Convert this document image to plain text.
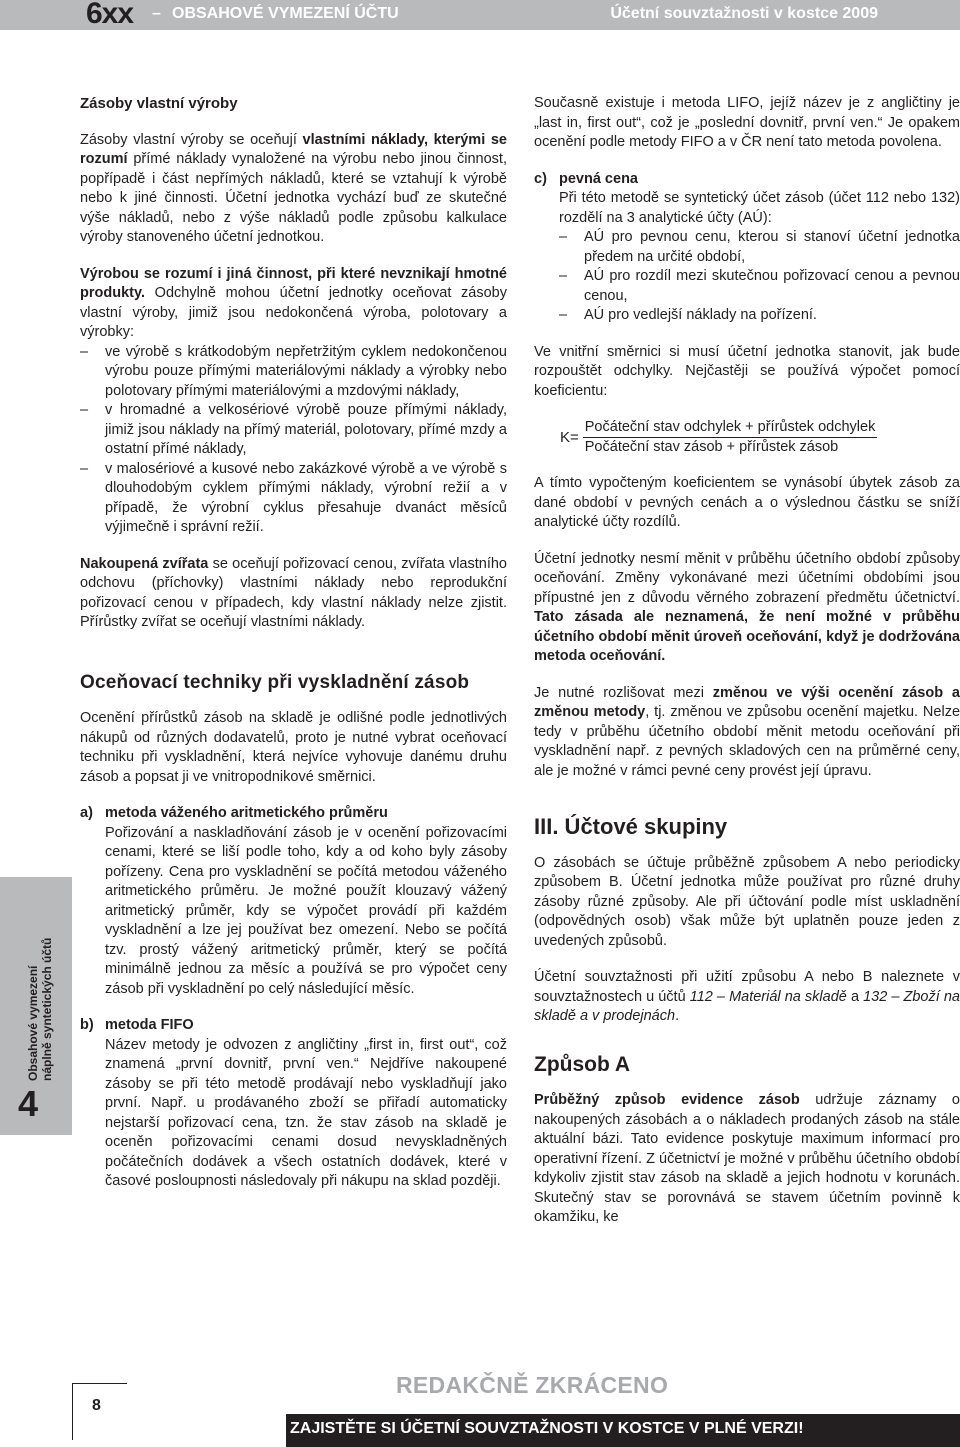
6xx – OBSAHOVÉ VYMEZENÍ ÚČTU	Účetní souvztažnosti v kostce 2009

Zásoby vlastní výroby

Zásoby vlastní výroby se oceňují vlastními náklady, kterými se rozumí přímé náklady vynaložené na výrobu nebo jinou činnost, popřípadě i část nepřímých nákladů, které se vztahují k výrobě nebo k jiné činnosti. Účetní jednotka vychází buď ze skutečné výše nákladů, nebo z výše nákladů podle způsobu kalkulace výroby stanoveného účetní jednotkou.

Výrobou se rozumí i jiná činnost, při které nevznikají hmotné produkty. Odchylně mohou účetní jednotky oceňovat zásoby vlastní výroby, jimiž jsou nedokončená výroba, polotovary a výrobky:

– ve výrobě s krátkodobým nepřetržitým cyklem nedokončenou výrobu pouze přímými materiálovými náklady a výrobky nebo polotovary přímými materiálovými a mzdovými náklady,
– v hromadné a velkosériové výrobě pouze přímými náklady, jimiž jsou náklady na přímý materiál, polotovary, přímé mzdy a ostatní přímé náklady,
– v malosériové a kusové nebo zakázkové výrobě a ve výrobě s dlouhodobým cyklem přímými náklady, výrobní režií a v případě, že výrobní cyklus přesahuje dvanáct měsíců výjimečně i správní režií.

Nakoupená zvířata se oceňují pořizovací cenou, zvířata vlastního odchovu (příchovky) vlastními náklady nebo reprodukční pořizovací cenou v případech, kdy vlastní náklady nelze zjistit. Přírůstky zvířat se oceňují vlastními náklady.

Oceňovací techniky při vyskladnění zásob

Ocenění přírůstků zásob na skladě je odlišné podle jednotlivých nákupů od různých dodavatelů, proto je nutné vybrat oceňovací techniku při vyskladnění, která nejvíce vyhovuje danému druhu zásob a popsat ji ve vnitropodnikové směrnici.

a) metoda váženého aritmetického průměru
Pořizování a naskladňování zásob je v ocenění pořizovacími cenami, které se liší podle toho, kdy a od koho byly zásoby pořízeny. Cena pro vyskladnění se počítá metodou váženého aritmetického průměru. Je možné použít klouzavý vážený aritmetický průměr, kdy se výpočet provádí při každém vyskladnění a lze jej používat bez omezení. Nebo se počítá tzv. prostý vážený aritmetický průměr, který se počítá minimálně jednou za měsíc a používá se pro výpočet ceny zásob při vyskladnění po celý následující měsíc.
b) metoda FIFO
Název metody je odvozen z angličtiny „first in, first out“, což znamená „první dovnitř, první ven.“ Nejdříve nakoupené zásoby se při této metodě prodávají nebo vyskladňují jako první. Např. u prodávaného zboží se přiřadí automaticky nejstarší pořizovací cena, tzn. že stav zásob na skladě je oceněn pořizovacími cenami dosud nevyskladněných počátečních dodávek a všech ostatních dodávek, které v časové posloupnosti následovaly při nákupu na sklad později.

Současně existuje i metoda LIFO, jejíž název je z angličtiny je „last in, first out“, což je „poslední dovnitř, první ven.“ Je opakem ocenění podle metody FIFO a v ČR není tato metoda povolena.

c) pevná cena
Při této metodě se syntetický účet zásob (účet 112 nebo 132) rozdělí na 3 analytické účty (AÚ):
– AÚ pro pevnou cenu, kterou si stanoví účetní jednotka předem na určité období,
– AÚ pro rozdíl mezi skutečnou pořizovací cenou a pevnou cenou,
– AÚ pro vedlejší náklady na pořízení.

Ve vnitřní směrnici si musí účetní jednotka stanovit, jak bude rozpouštět odchylky. Nejčastěji se používá výpočet pomocí koeficientu:

$K= \frac{\text{Počáteční stav odchylek + přírůstek odchylek}}{\text{Počáteční stav zásob + přírůstek zásob}}$

A tímto vypočteným koeficientem se vynásobí úbytek zásob za dané období v pevných cenách a o výslednou částku se sníží analytické účty rozdílů.

Účetní jednotky nesmí měnit v průběhu účetního období způsoby oceňování. Změny vykonávané mezi účetními obdobími jsou přípustné jen z důvodu věrného zobrazení předmětu účetnictví. Tato zásada ale neznamená, že není možné v průběhu účetního období měnit úroveň oceňování, když je dodržována metoda oceňování.

Je nutné rozlišovat mezi změnou ve výši ocenění zásob a změnou metody, tj. změnou ve způsobu ocenění majetku. Nelze tedy v průběhu účetního období měnit metodu oceňování při vyskladnění např. z pevných skladových cen na průměrné ceny, ale je možné v rámci pevné ceny provést její úpravu.

III. Účtové skupiny

O zásobách se účtuje průběžně způsobem A nebo periodicky způsobem B. Účetní jednotka může používat pro různé druhy zásoby různé způsoby. Ale při účtování podle míst uskladnění (odpovědných osob) však může být uplatněn pouze jeden z uvedených způsobů.

Účetní souvztažnosti při užití způsobu A nebo B naleznete v souvztažnostech u účtů 112 – Materiál na skladě a 132 – Zboží na skladě a v prodejnách.

Způsob A

Průběžný způsob evidence zásob udržuje záznamy o nakoupených zásobách a o nákladech prodaných zásob na stále aktuální bázi. Tato evidence poskytuje maximum informací pro operativní řízení. Z účetnictví je možné v průběhu účetního období kdykoliv zjistit stav zásob na skladě a jejich hodnotu v korunách. Skutečný stav se porovnává se stavem účetním povinně k okamžiku, ke

4
Obsahové vymezení náplně syntetických účtů
8
REDAKČNĚ ZKRÁCENO
ZAJISTĚTE SI ÚČETNÍ SOUVZTAŽNOSTI V KOSTCE V PLNÉ VERZI!
